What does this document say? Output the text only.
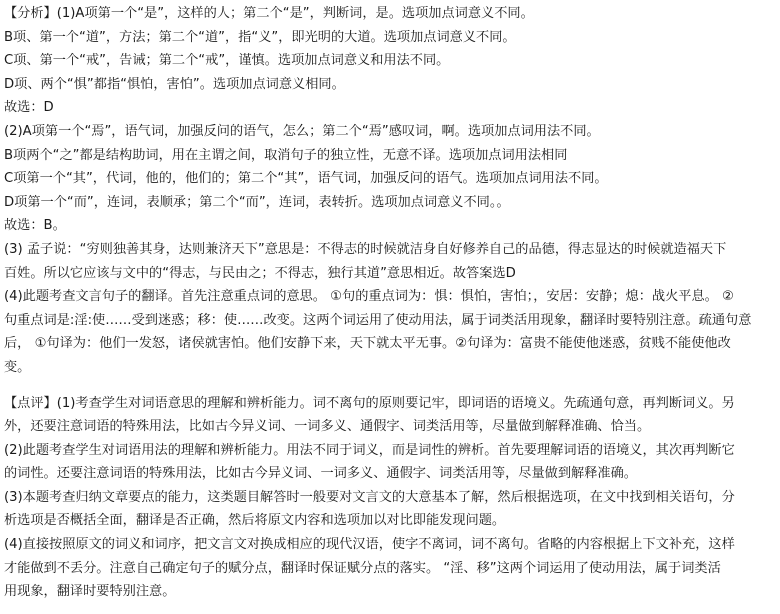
【分析】(1)A项第一个“是”，这样的人；第二个“是”，判断词，是。选项加点词意义不同。
B项、第一个“道”，方法；第二个“道”，指“义”，即光明的大道。选项加点词意义不同。
C项、第一个“戒”，告诫；第二个“戒”，谨慎。选项加点词意义和用法不同。
D项、两个“惧”都指“惧怕，害怕”。选项加点词意义相同。
故选：D
(2)A项第一个“焉”，语气词，加强反问的语气，怎么；第二个“焉”感叹词，啊。选项加点词用法不同。
B项两个“之”都是结构助词，用在主谓之间，取消句子的独立性，无意不译。选项加点词用法相同
C项第一个“其”，代词，他的，他们的；第二个“其”，语气词，加强反问的语气。选项加点词用法不同。
D项第一个“而”，连词，表顺承；第二个“而”，连词，表转折。选项加点词意义不同。。
故选：B。
(3) 孟子说：“穷则独善其身，达则兼济天下”意思是：不得志的时候就洁身自好修养自己的品德，得志显达的时候就造福天下
百姓。所以它应该与文中的“得志，与民由之；不得志，独行其道”意思相近。故答案选D
(4)此题考查文言句子的翻译。首先注意重点词的意思。 ①句的重点词为：惧：惧怕，害怕；，安居：安静；熄：战火平息。 ②
句重点词是:淫:使……受到迷惑；移：使……改变。这两个词运用了使动用法，属于词类活用现象，翻译时要特别注意。疏通句意
后， ①句译为：他们一发怒，诸侯就害怕。他们安静下来，天下就太平无事。②句译为：富贵不能使他迷惑，贫贱不能使他改
变。
【点评】(1)考查学生对词语意思的理解和辨析能力。词不离句的原则要记牢，即词语的语境义。先疏通句意，再判断词义。另
外，还要注意词语的特殊用法，比如古今异义词、一词多义、通假字、词类活用等，尽量做到解释准确、恰当。
(2)此题考查学生对词语用法的理解和辨析能力。用法不同于词义，而是词性的辨析。首先要理解词语的语境义，其次再判断它
的词性。还要注意词语的特殊用法，比如古今异义词、一词多义、通假字、词类活用等，尽量做到解释准确。
(3)本题考查归纳文章要点的能力，这类题目解答时一般要对文言文的大意基本了解，然后根据选项，在文中找到相关语句，分
析选项是否概括全面，翻译是否正确，然后将原文内容和选项加以对比即能发现问题。
(4)直接按照原文的词义和词序，把文言文对换成相应的现代汉语，使字不离词，词不离句。省略的内容根据上下文补充，这样
才能做到不丢分。注意自己确定句子的赋分点，翻译时保证赋分点的落实。 “淫、移”这两个词运用了使动用法，属于词类活
用现象，翻译时要特别注意。
